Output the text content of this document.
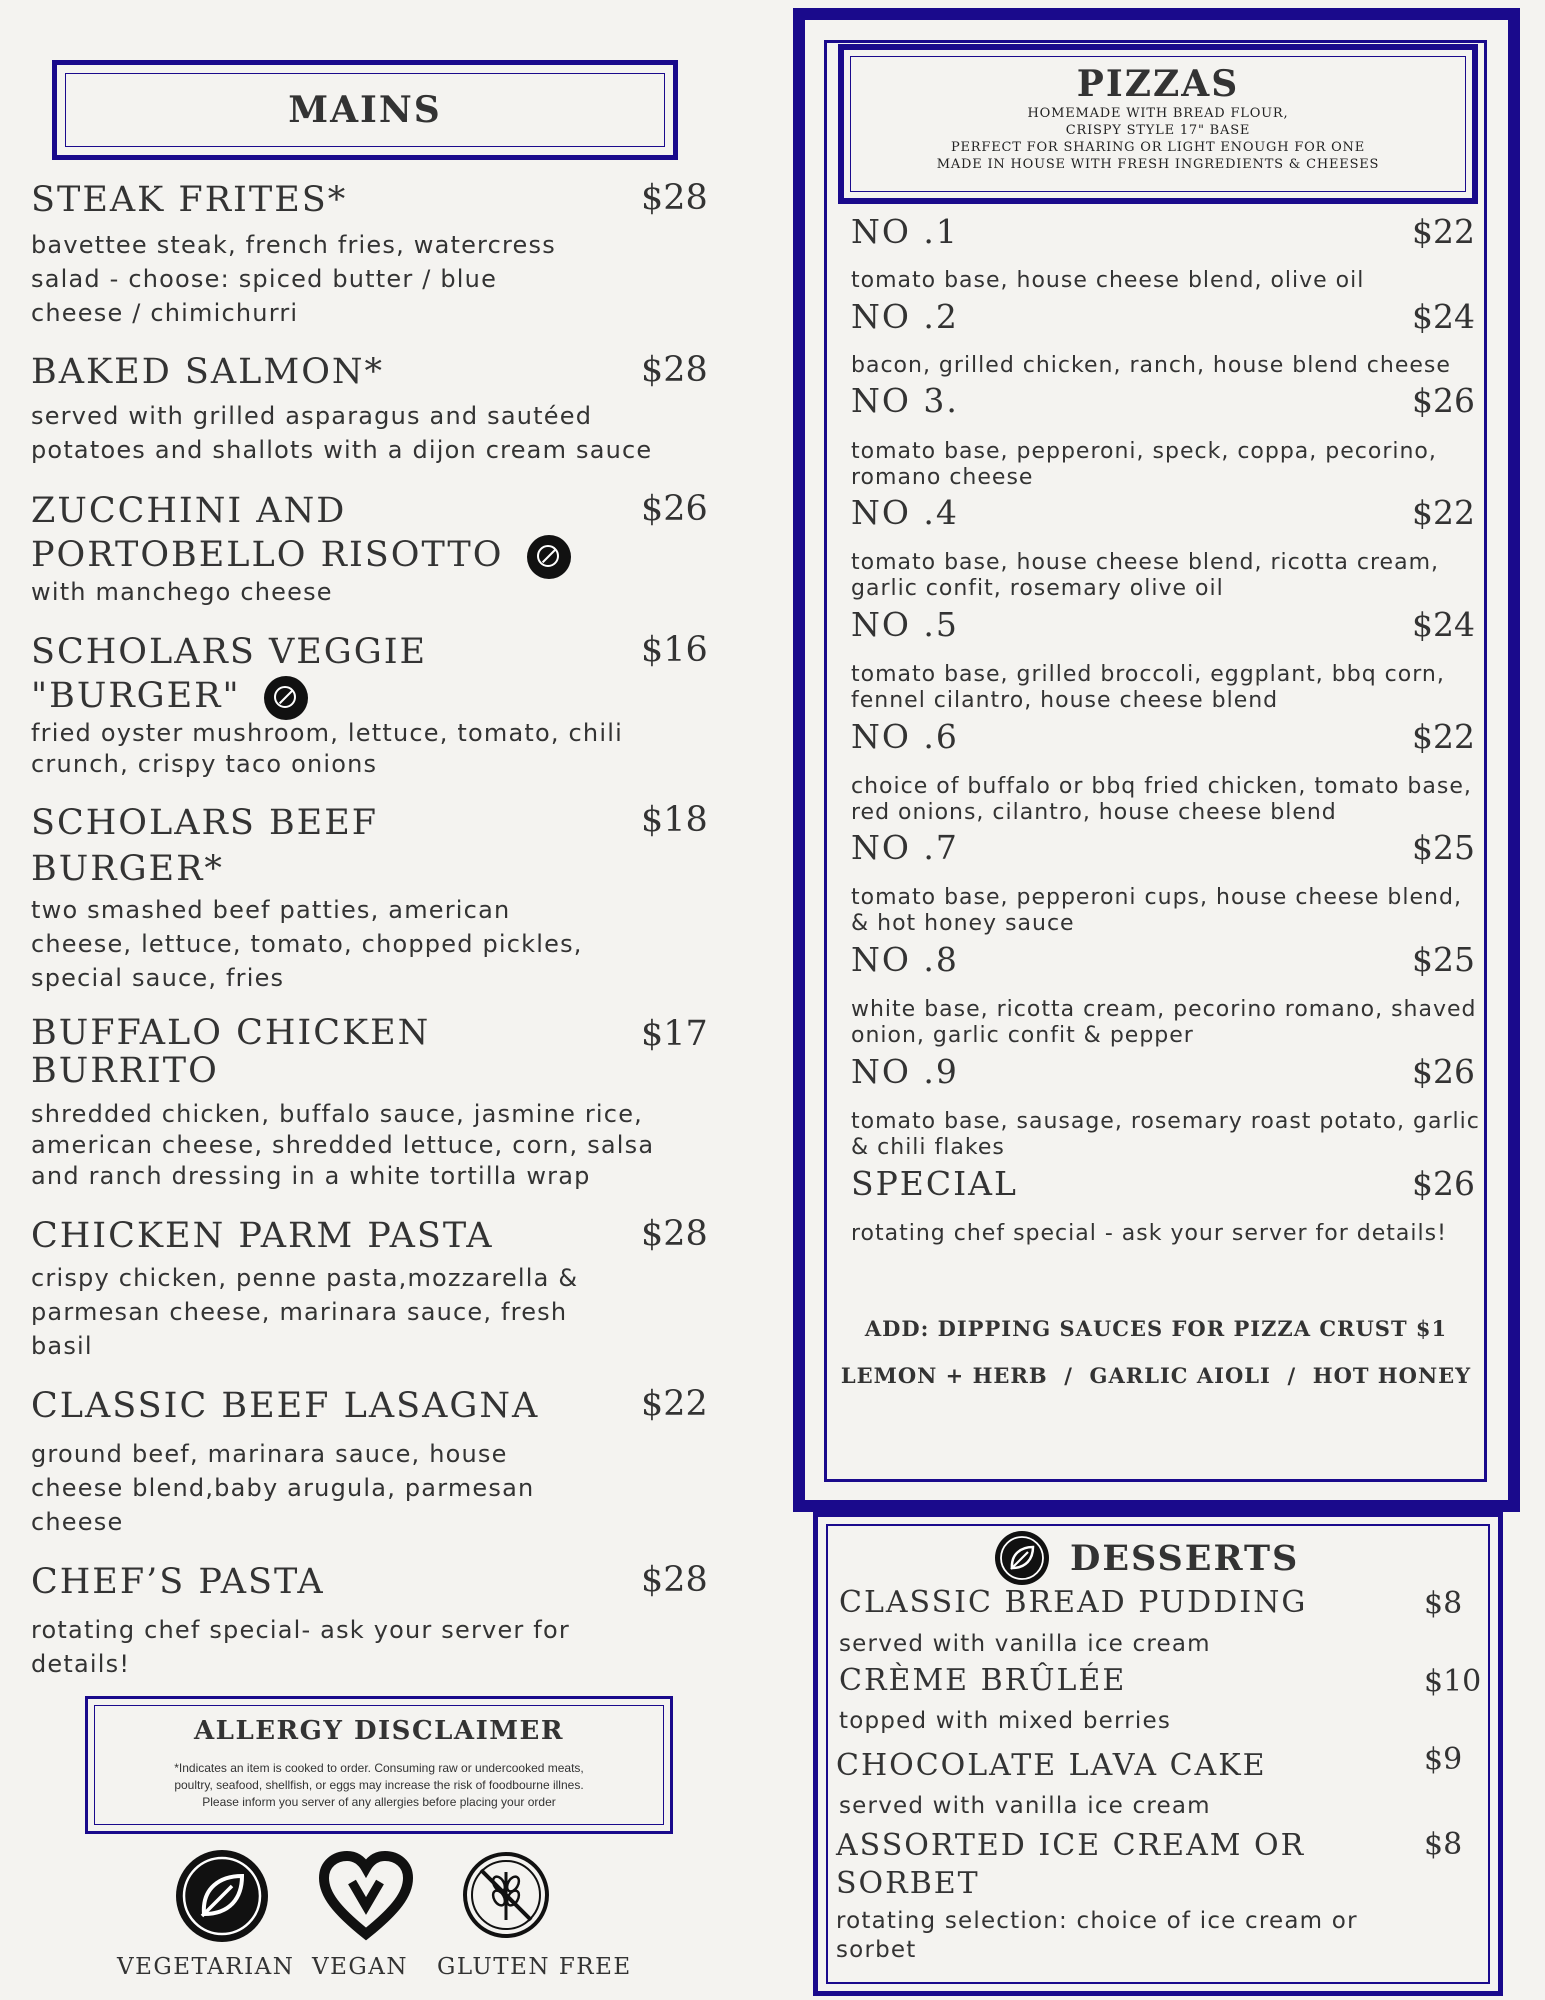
MAINS
STEAK FRITES*	$28
bavettee steak, french fries, watercress salad - choose: spiced butter / blue cheese / chimichurri
BAKED SALMON*	$28
served with grilled asparagus and sautéed potatoes and shallots with a dijon cream sauce
ZUCCHINI AND PORTOBELLO RISOTTO
$26
with manchego cheese
SCHOLARS VEGGIE "BURGER"
$16
fried oyster mushroom, lettuce, tomato, chili crunch, crispy taco onions
SCHOLARS BEEF BURGER*
$18
two smashed beef patties, american cheese, lettuce, tomato, chopped pickles, special sauce, fries
BUFFALO CHICKEN BURRITO
$17
shredded chicken, buffalo sauce, jasmine rice, american cheese, shredded lettuce, corn, salsa and ranch dressing in a white tortilla wrap
CHICKEN PARM PASTA	$28
crispy chicken, penne pasta,mozzarella & parmesan cheese, marinara sauce, fresh basil
CLASSIC BEEF LASAGNA	$22
ground beef, marinara sauce, house cheese blend,baby arugula, parmesan cheese
CHEF’S PASTA	$28
rotating chef special- ask your server for details!
ALLERGY DISCLAIMER
*Indicates an item is cooked to order. Consuming raw or undercooked meats,
poultry, seafood, shellfish, or eggs may increase the risk of foodbourne illnes.
Please inform you server of any allergies before placing your order
VEGETARIAN VEGAN GLUTEN FREE
PIZZAS
HOMEMADE WITH BREAD FLOUR,
CRISPY STYLE 17" BASE
PERFECT FOR SHARING OR LIGHT ENOUGH FOR ONE
MADE IN HOUSE WITH FRESH INGREDIENTS & CHEESES
NO .1	$22
tomato base, house cheese blend, olive oil
NO .2	$24
bacon, grilled chicken, ranch, house blend cheese
NO 3.	$26
tomato base, pepperoni, speck, coppa, pecorino, romano cheese
NO .4	$22
tomato base, house cheese blend, ricotta cream, garlic confit, rosemary olive oil
NO .5	$24
tomato base, grilled broccoli, eggplant, bbq corn, fennel cilantro, house cheese blend
NO .6	$22
choice of buffalo or bbq fried chicken, tomato base, red onions, cilantro, house cheese blend
NO .7	$25
tomato base, pepperoni cups, house cheese blend, & hot honey sauce
NO .8	$25
white base, ricotta cream, pecorino romano, shaved onion, garlic confit & pepper
NO .9	$26
tomato base, sausage, rosemary roast potato, garlic & chili flakes
SPECIAL	$26
rotating chef special - ask your server for details!
ADD: DIPPING SAUCES FOR PIZZA CRUST $1
LEMON + HERB  /  GARLIC AIOLI  /  HOT HONEY
DESSERTS
CLASSIC BREAD PUDDING	$8
served with vanilla ice cream
CRÈME BRÛLÉE	$10
topped with mixed berries
CHOCOLATE LAVA CAKE	$9
served with vanilla ice cream
ASSORTED ICE CREAM OR SORBET
$8
rotating selection: choice of ice cream or sorbet
